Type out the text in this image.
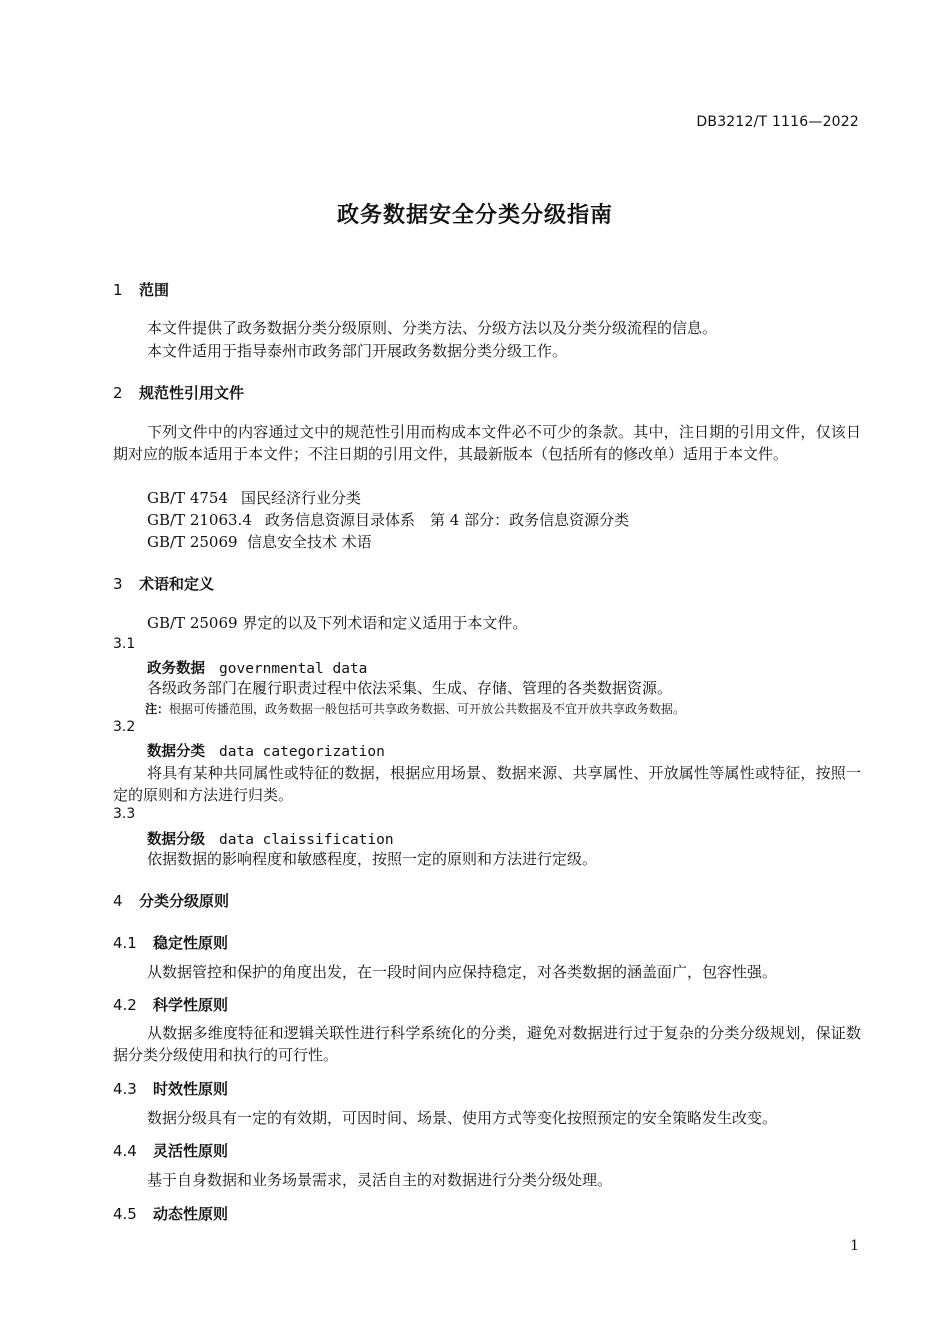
DB3212/T 1116—2022
政务数据安全分类分级指南
1 范围
本文件提供了政务数据分类分级原则、分类方法、分级方法以及分类分级流程的信息。
本文件适用于指导泰州市政务部门开展政务数据分类分级工作。
2 规范性引用文件
下列文件中的内容通过文中的规范性引用而构成本文件必不可少的条款。其中，注日期的引用文件，仅该日期对应的版本适用于本文件；不注日期的引用文件，其最新版本（包括所有的修改单）适用于本文件。
GB/T 4754 国民经济行业分类
GB/T 21063.4 政务信息资源目录体系　第 4 部分：政务信息资源分类
GB/T 25069 信息安全技术 术语
3 术语和定义
GB/T 25069 界定的以及下列术语和定义适用于本文件。
3.1
政务数据 governmental data
各级政务部门在履行职责过程中依法采集、生成、存储、管理的各类数据资源。
注：根据可传播范围，政务数据一般包括可共享政务数据、可开放公共数据及不宜开放共享政务数据。
3.2
数据分类 data categorization
将具有某种共同属性或特征的数据，根据应用场景、数据来源、共享属性、开放属性等属性或特征，按照一定的原则和方法进行归类。
3.3
数据分级 data claissification
依据数据的影响程度和敏感程度，按照一定的原则和方法进行定级。
4 分类分级原则
4.1 稳定性原则
从数据管控和保护的角度出发，在一段时间内应保持稳定，对各类数据的涵盖面广，包容性强。
4.2 科学性原则
从数据多维度特征和逻辑关联性进行科学系统化的分类，避免对数据进行过于复杂的分类分级规划，保证数据分类分级使用和执行的可行性。
4.3 时效性原则
数据分级具有一定的有效期，可因时间、场景、使用方式等变化按照预定的安全策略发生改变。
4.4 灵活性原则
基于自身数据和业务场景需求，灵活自主的对数据进行分类分级处理。
4.5 动态性原则
1
